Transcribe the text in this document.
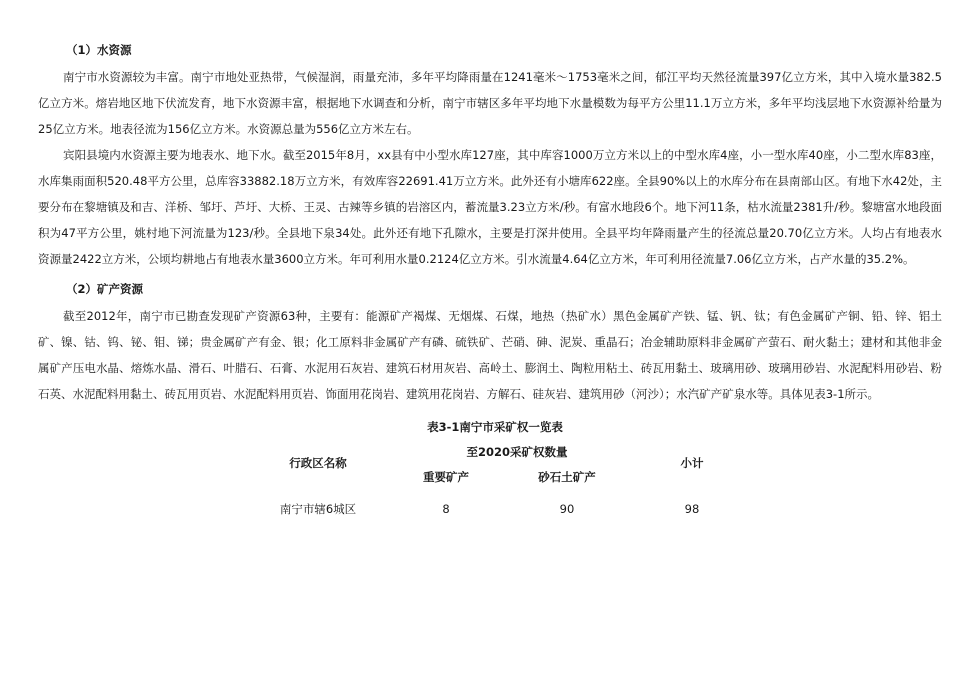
（1）水资源

南宁市水资源较为丰富。南宁市地处亚热带，气候湿润，雨量充沛，多年平均降雨量在1241毫米～1753毫米之间，郁江平均天然径流量397亿立方米，其中入境水量382.5亿立方米。熔岩地区地下伏流发育，地下水资源丰富，根据地下水调查和分析，南宁市辖区多年平均地下水量模数为每平方公里11.1万立方米，多年平均浅层地下水资源补给量为25亿立方米。地表径流为156亿立方米。水资源总量为556亿立方米左右。

宾阳县境内水资源主要为地表水、地下水。截至2015年8月，xx县有中小型水库127座，其中库容1000万立方米以上的中型水库4座，小一型水库40座，小二型水库83座，水库集雨面积520.48平方公里，总库容33882.18万立方米，有效库容22691.41万立方米。此外还有小塘库622座。全县90%以上的水库分布在县南部山区。有地下水42处，主要分布在黎塘镇及和吉、洋桥、邹圩、芦圩、大桥、王灵、古辣等乡镇的岩溶区内，蓄流量3.23立方米/秒。有富水地段6个。地下河11条，枯水流量2381升/秒。黎塘富水地段面积为47平方公里，姚村地下河流量为123/秒。全县地下泉34处。此外还有地下孔隙水，主要是打深井使用。全县平均年降雨量产生的径流总量20.70亿立方米。人均占有地表水资源量2422立方米，公顷均耕地占有地表水量3600立方米。年可利用水量0.2124亿立方米。引水流量4.64亿立方米，年可利用径流量7.06亿立方米，占产水量的35.2%。

（2）矿产资源

截至2012年，南宁市已勘查发现矿产资源63种，主要有：能源矿产褐煤、无烟煤、石煤，地热（热矿水）黑色金属矿产铁、锰、钒、钛；有色金属矿产铜、铅、锌、铝土矿、镍、钴、钨、铋、钼、锑；贵金属矿产有金、银；化工原料非金属矿产有磷、硫铁矿、芒硝、砷、泥炭、重晶石；冶金辅助原料非金属矿产萤石、耐火黏土；建材和其他非金属矿产压电水晶、熔炼水晶、滑石、叶腊石、石膏、水泥用石灰岩、建筑石材用灰岩、高岭土、膨润土、陶粒用粘土、砖瓦用黏土、玻璃用砂、玻璃用砂岩、水泥配料用砂岩、粉石英、水泥配料用黏土、砖瓦用页岩、水泥配料用页岩、饰面用花岗岩、建筑用花岗岩、方解石、硅灰岩、建筑用砂（河沙）；水汽矿产矿泉水等。具体见表3-1所示。

表3-1南宁市采矿权一览表
行政区名称	至2020采矿权数量		小计
	重要矿产	砂石土矿产	
南宁市辖6城区	8	90	98
